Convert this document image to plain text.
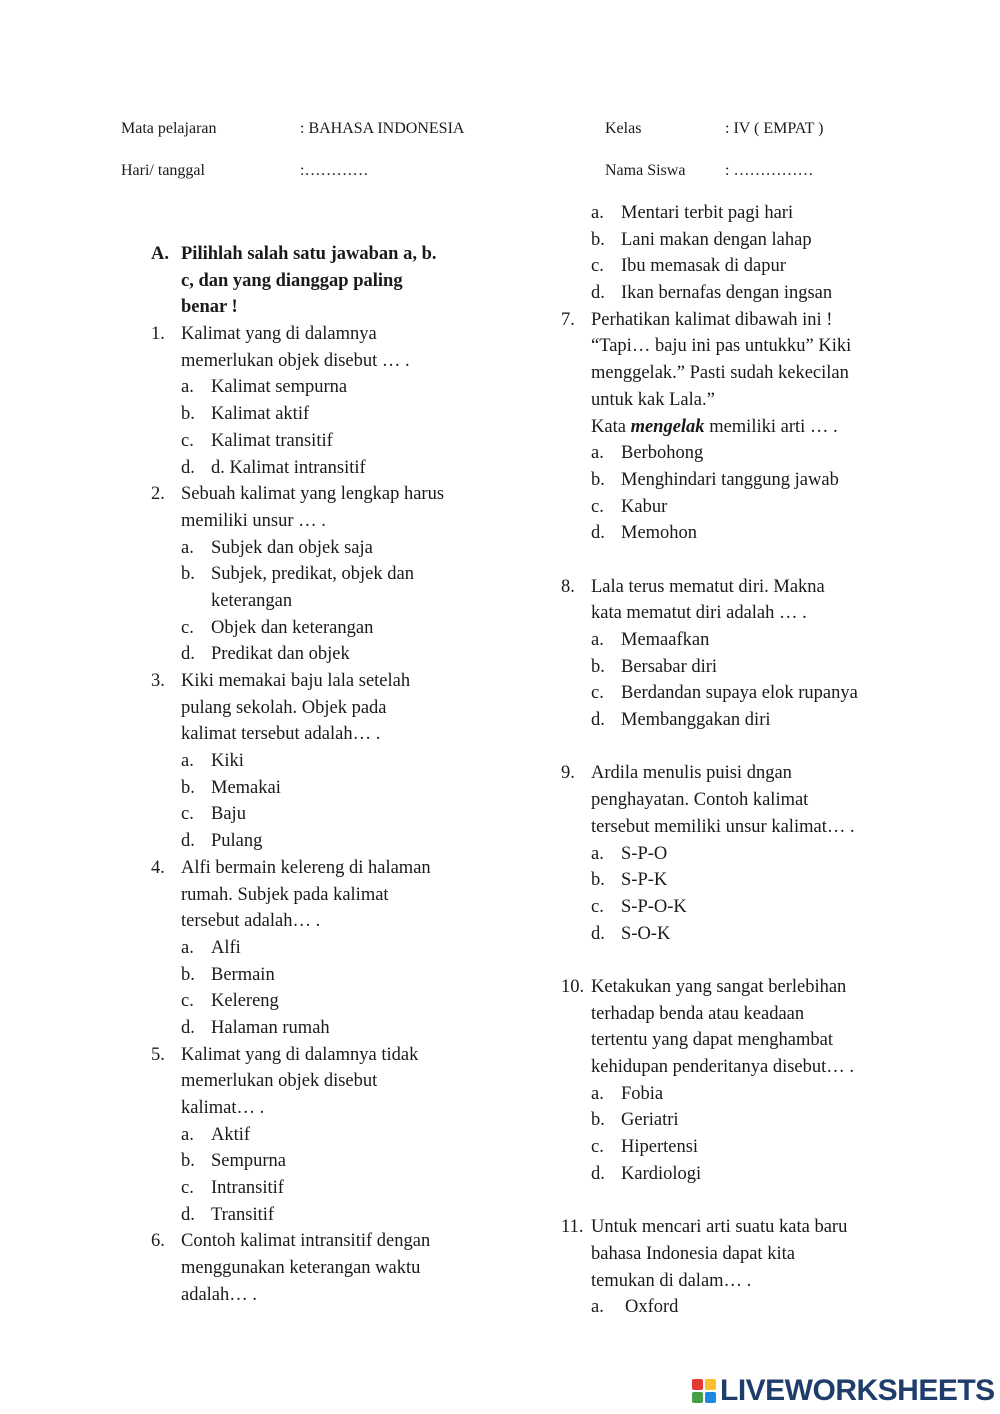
Mata pelajaran	: BAHASA INDONESIA	Kelas	: IV ( EMPAT )
Hari/ tanggal	:…………	Nama Siswa : ……………
A. Pilihlah salah satu jawaban a, b.
c, dan yang dianggap paling
benar !
1. Kalimat yang di dalamnya
memerlukan objek disebut … .
a. Kalimat sempurna
b. Kalimat aktif
c. Kalimat transitif
d. d. Kalimat intransitif
2. Sebuah kalimat yang lengkap harus
memiliki unsur … .
a. Subjek dan objek saja
b. Subjek, predikat, objek dan
keterangan
c. Objek dan keterangan
d. Predikat dan objek
3. Kiki memakai baju lala setelah
pulang sekolah. Objek pada
kalimat tersebut adalah… .
a. Kiki
b. Memakai
c. Baju
d. Pulang
4. Alfi bermain kelereng di halaman
rumah. Subjek pada kalimat
tersebut adalah… .
a. Alfi
b. Bermain
c. Kelereng
d. Halaman rumah
5. Kalimat yang di dalamnya tidak
memerlukan objek disebut
kalimat… .
a. Aktif
b. Sempurna
c. Intransitif
d. Transitif
6. Contoh kalimat intransitif dengan
menggunakan keterangan waktu
adalah… .
a. Mentari terbit pagi hari
b. Lani makan dengan lahap
c. Ibu memasak di dapur
d. Ikan bernafas dengan ingsan
7. Perhatikan kalimat dibawah ini !
“Tapi… baju ini pas untukku” Kiki
menggelak.” Pasti sudah kekecilan
untuk kak Lala.”
Kata mengelak memiliki arti … .
a. Berbohong
b. Menghindari tanggung jawab
c. Kabur
d. Memohon
8. Lala terus mematut diri. Makna
kata mematut diri adalah … .
a. Memaafkan
b. Bersabar diri
c. Berdandan supaya elok rupanya
d. Membanggakan diri
9. Ardila menulis puisi dngan
penghayatan. Contoh kalimat
tersebut memiliki unsur kalimat… .
a. S-P-O
b. S-P-K
c. S-P-O-K
d. S-O-K
10. Ketakukan yang sangat berlebihan
terhadap benda atau keadaan
tertentu yang dapat menghambat
kehidupan penderitanya disebut… .
a. Fobia
b. Geriatri
c. Hipertensi
d. Kardiologi
11. Untuk mencari arti suatu kata baru
bahasa Indonesia dapat kita
temukan di dalam… .
a. Oxford
LIVEWORKSHEETS
